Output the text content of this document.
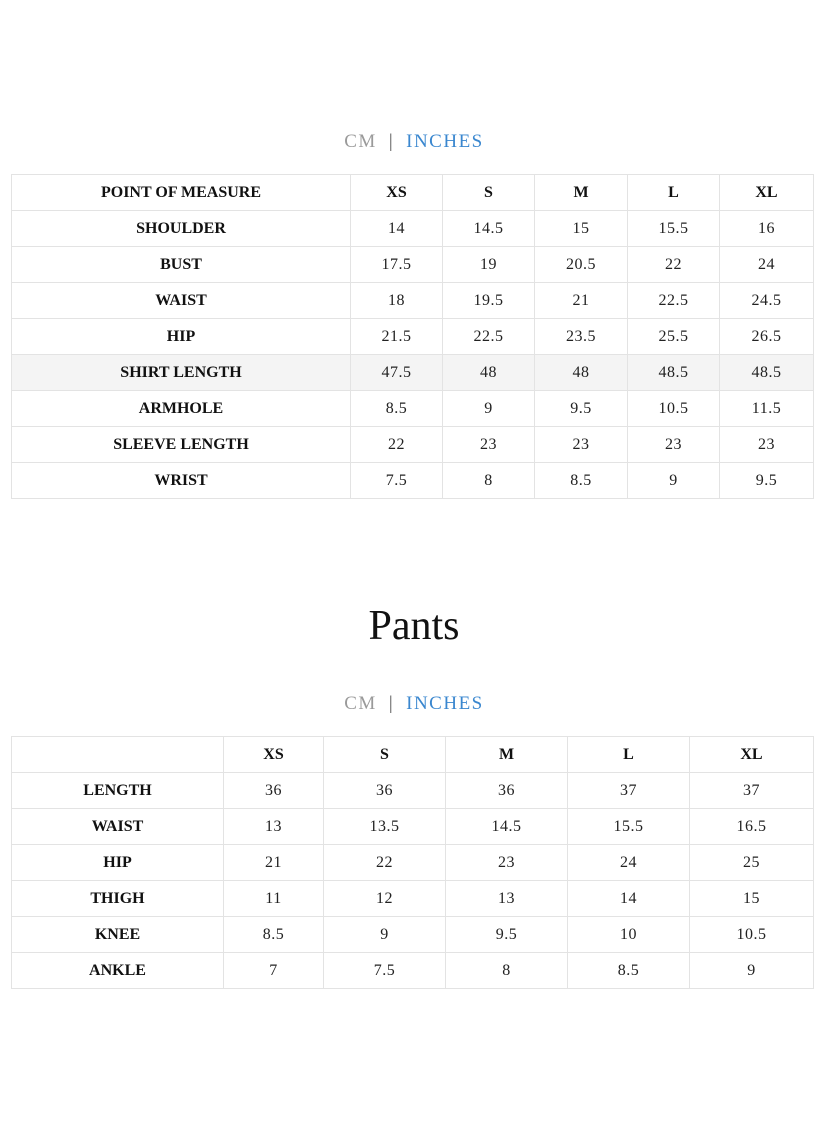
CM | INCHES
POINT OF MEASURE	XS	S	M	L	XL
SHOULDER	14	14.5	15	15.5	16
BUST	17.5	19	20.5	22	24
WAIST	18	19.5	21	22.5	24.5
HIP	21.5	22.5	23.5	25.5	26.5
SHIRT LENGTH	47.5	48	48	48.5	48.5
ARMHOLE	8.5	9	9.5	10.5	11.5
SLEEVE LENGTH	22	23	23	23	23
WRIST	7.5	8	8.5	9	9.5
Pants
CM | INCHES
	XS	S	M	L	XL
LENGTH	36	36	36	37	37
WAIST	13	13.5	14.5	15.5	16.5
HIP	21	22	23	24	25
THIGH	11	12	13	14	15
KNEE	8.5	9	9.5	10	10.5
ANKLE	7	7.5	8	8.5	9
